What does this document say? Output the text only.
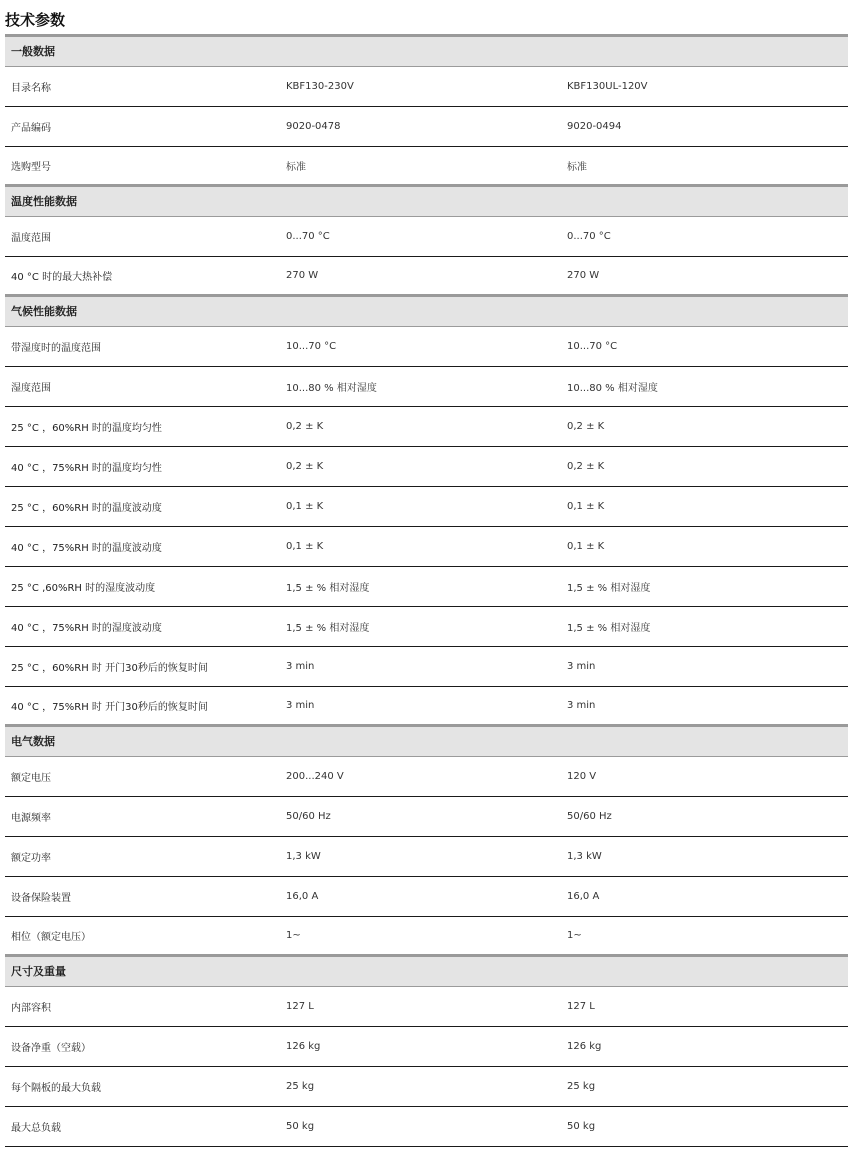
技术参数
一般数据
目录名称	KBF130-230V	KBF130UL-120V
产品编码	9020-0478	9020-0494
选购型号	标准	标准
温度性能数据
温度范围	0...70 °C	0...70 °C
40 °C 时的最大热补偿	270 W	270 W
气候性能数据
带湿度时的温度范围	10...70 °C	10...70 °C
湿度范围	10...80 % 相对湿度	10...80 % 相对湿度
25 °C ，60%RH 时的温度均匀性	0,2 ± K	0,2 ± K
40 °C ，75%RH 时的温度均匀性	0,2 ± K	0,2 ± K
25 °C ，60%RH 时的温度波动度	0,1 ± K	0,1 ± K
40 °C ，75%RH 时的温度波动度	0,1 ± K	0,1 ± K
25 °C ,60%RH 时的湿度波动度	1,5 ± % 相对湿度	1,5 ± % 相对湿度
40 °C ，75%RH 时的湿度波动度	1,5 ± % 相对湿度	1,5 ± % 相对湿度
25 °C ，60%RH 时 开门30秒后的恢复时间	3 min	3 min
40 °C ，75%RH 时 开门30秒后的恢复时间	3 min	3 min
电气数据
额定电压	200...240 V	120 V
电源频率	50/60 Hz	50/60 Hz
额定功率	1,3 kW	1,3 kW
设备保险装置	16,0 A	16,0 A
相位（额定电压）	1~	1~
尺寸及重量
内部容积	127 L	127 L
设备净重（空载）	126 kg	126 kg
每个隔板的最大负载	25 kg	25 kg
最大总负载	50 kg	50 kg
